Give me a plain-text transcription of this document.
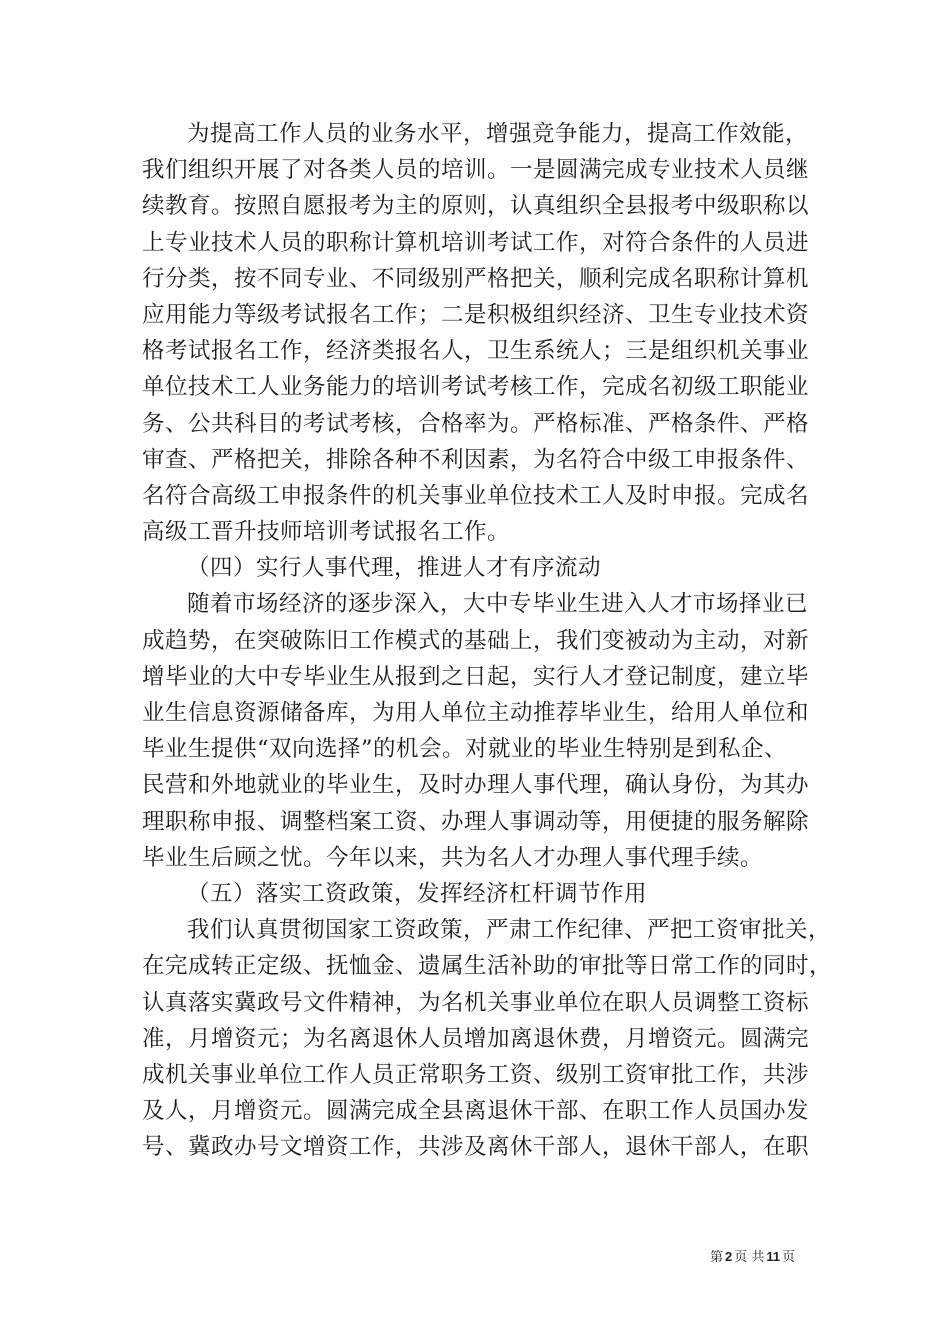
为提高工作人员的业务水平，增强竞争能力，提高工作效能，
我们组织开展了对各类人员的培训。一是圆满完成专业技术人员继
续教育。按照自愿报考为主的原则，认真组织全县报考中级职称以
上专业技术人员的职称计算机培训考试工作，对符合条件的人员进
行分类，按不同专业、不同级别严格把关，顺利完成名职称计算机
应用能力等级考试报名工作；二是积极组织经济、卫生专业技术资
格考试报名工作，经济类报名人，卫生系统人；三是组织机关事业
单位技术工人业务能力的培训考试考核工作，完成名初级工职能业
务、公共科目的考试考核，合格率为。严格标准、严格条件、严格
审查、严格把关，排除各种不利因素，为名符合中级工申报条件、
名符合高级工申报条件的机关事业单位技术工人及时申报。完成名
高级工晋升技师培训考试报名工作。
（四）实行人事代理，推进人才有序流动
随着市场经济的逐步深入，大中专毕业生进入人才市场择业已
成趋势，在突破陈旧工作模式的基础上，我们变被动为主动，对新
增毕业的大中专毕业生从报到之日起，实行人才登记制度，建立毕
业生信息资源储备库，为用人单位主动推荐毕业生，给用人单位和
毕业生提供“双向选择”的机会。对就业的毕业生特别是到私企、
民营和外地就业的毕业生，及时办理人事代理，确认身份，为其办
理职称申报、调整档案工资、办理人事调动等，用便捷的服务解除
毕业生后顾之忧。今年以来，共为名人才办理人事代理手续。
（五）落实工资政策，发挥经济杠杆调节作用
我们认真贯彻国家工资政策，严肃工作纪律、严把工资审批关，
在完成转正定级、抚恤金、遗属生活补助的审批等日常工作的同时，
认真落实冀政号文件精神，为名机关事业单位在职人员调整工资标
准，月增资元；为名离退休人员增加离退休费，月增资元。圆满完
成机关事业单位工作人员正常职务工资、级别工资审批工作，共涉
及人，月增资元。圆满完成全县离退休干部、在职工作人员国办发
号、冀政办号文增资工作，共涉及离休干部人，退休干部人，在职
第 2 页 共 11 页
